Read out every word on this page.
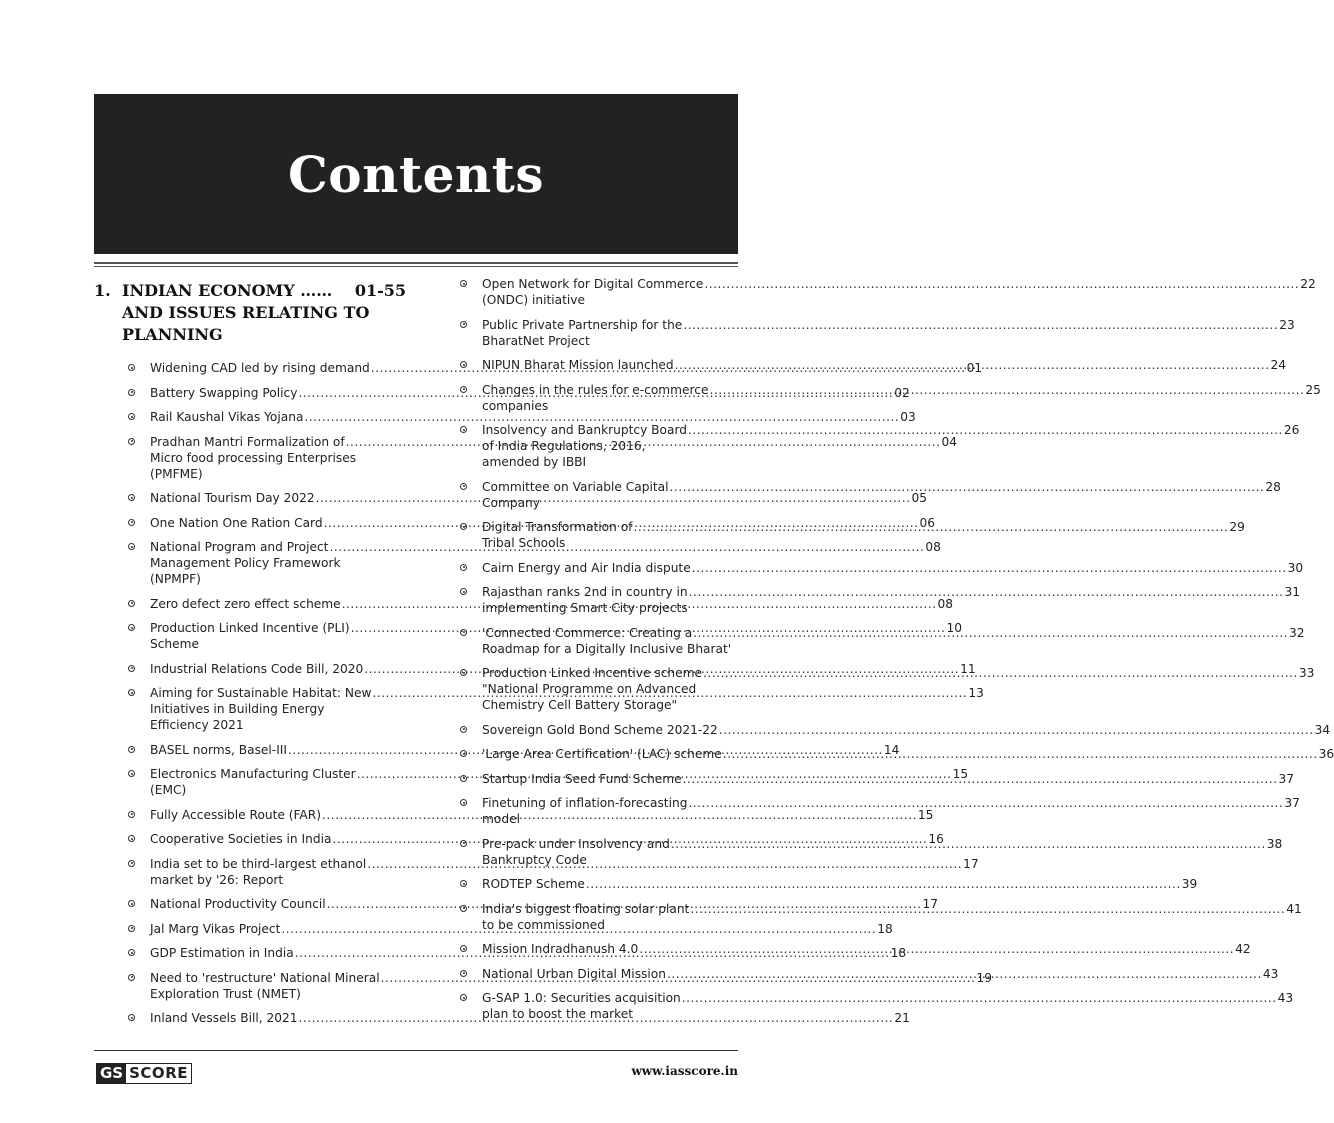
Contents
1. INDIAN ECONOMY …… 01-55
AND ISSUES RELATING TO
PLANNING
Widening CAD led by rising demand .....	01
Battery Swapping Policy .....	02
Rail Kaushal Vikas Yojana .....	03
Pradhan Mantri Formalization of .....	04
Micro food processing Enterprises
(PMFME)
National Tourism Day 2022 .....	05
One Nation One Ration Card .....	06
National Program and Project .....	08
Management Policy Framework
(NPMPF)
Zero defect zero effect scheme .....	08
Production Linked Incentive (PLI) .....	10
Scheme
Industrial Relations Code Bill, 2020 .....	11
Aiming for Sustainable Habitat: New .....	13
Initiatives in Building Energy
Efficiency 2021
BASEL norms, Basel-III .....	14
Electronics Manufacturing Cluster .....	15
(EMC)
Fully Accessible Route (FAR) .....	15
Cooperative Societies in India .....	16
India set to be third-largest ethanol .....	17
market by '26: Report
National Productivity Council .....	17
Jal Marg Vikas Project .....	18
GDP Estimation in India .....	18
Need to 'restructure' National Mineral .....	19
Exploration Trust (NMET)
Inland Vessels Bill, 2021 .....	21
Open Network for Digital Commerce .....	22
(ONDC) initiative
Public Private Partnership for the .....	23
BharatNet Project
NIPUN Bharat Mission launched .....	24
Changes in the rules for e-commerce .....	25
companies
Insolvency and Bankruptcy Board .....	26
of India Regulations, 2016,
amended by IBBI
Committee on Variable Capital .....	28
Company
Digital Transformation of .....	29
Tribal Schools
Cairn Energy and Air India dispute .....	30
Rajasthan ranks 2nd in country in .....	31
implementing Smart City projects
'Connected Commerce: Creating a .....	32
Roadmap for a Digitally Inclusive Bharat'
Production Linked Incentive scheme .....	33
"National Programme on Advanced
Chemistry Cell Battery Storage"
Sovereign Gold Bond Scheme 2021-22 .....	34
'Large Area Certification' (LAC) scheme .....	36
Startup India Seed Fund Scheme .....	37
Finetuning of inflation-forecasting .....	37
model
Pre-pack under Insolvency and .....	38
Bankruptcy Code
RODTEP Scheme .....	39
India's biggest floating solar plant .....	41
to be commissioned
Mission Indradhanush 4.0 .....	42
National Urban Digital Mission .....	43
G-SAP 1.0: Securities acquisition .....	43
plan to boost the market
GS SCORE	www.iasscore.in
